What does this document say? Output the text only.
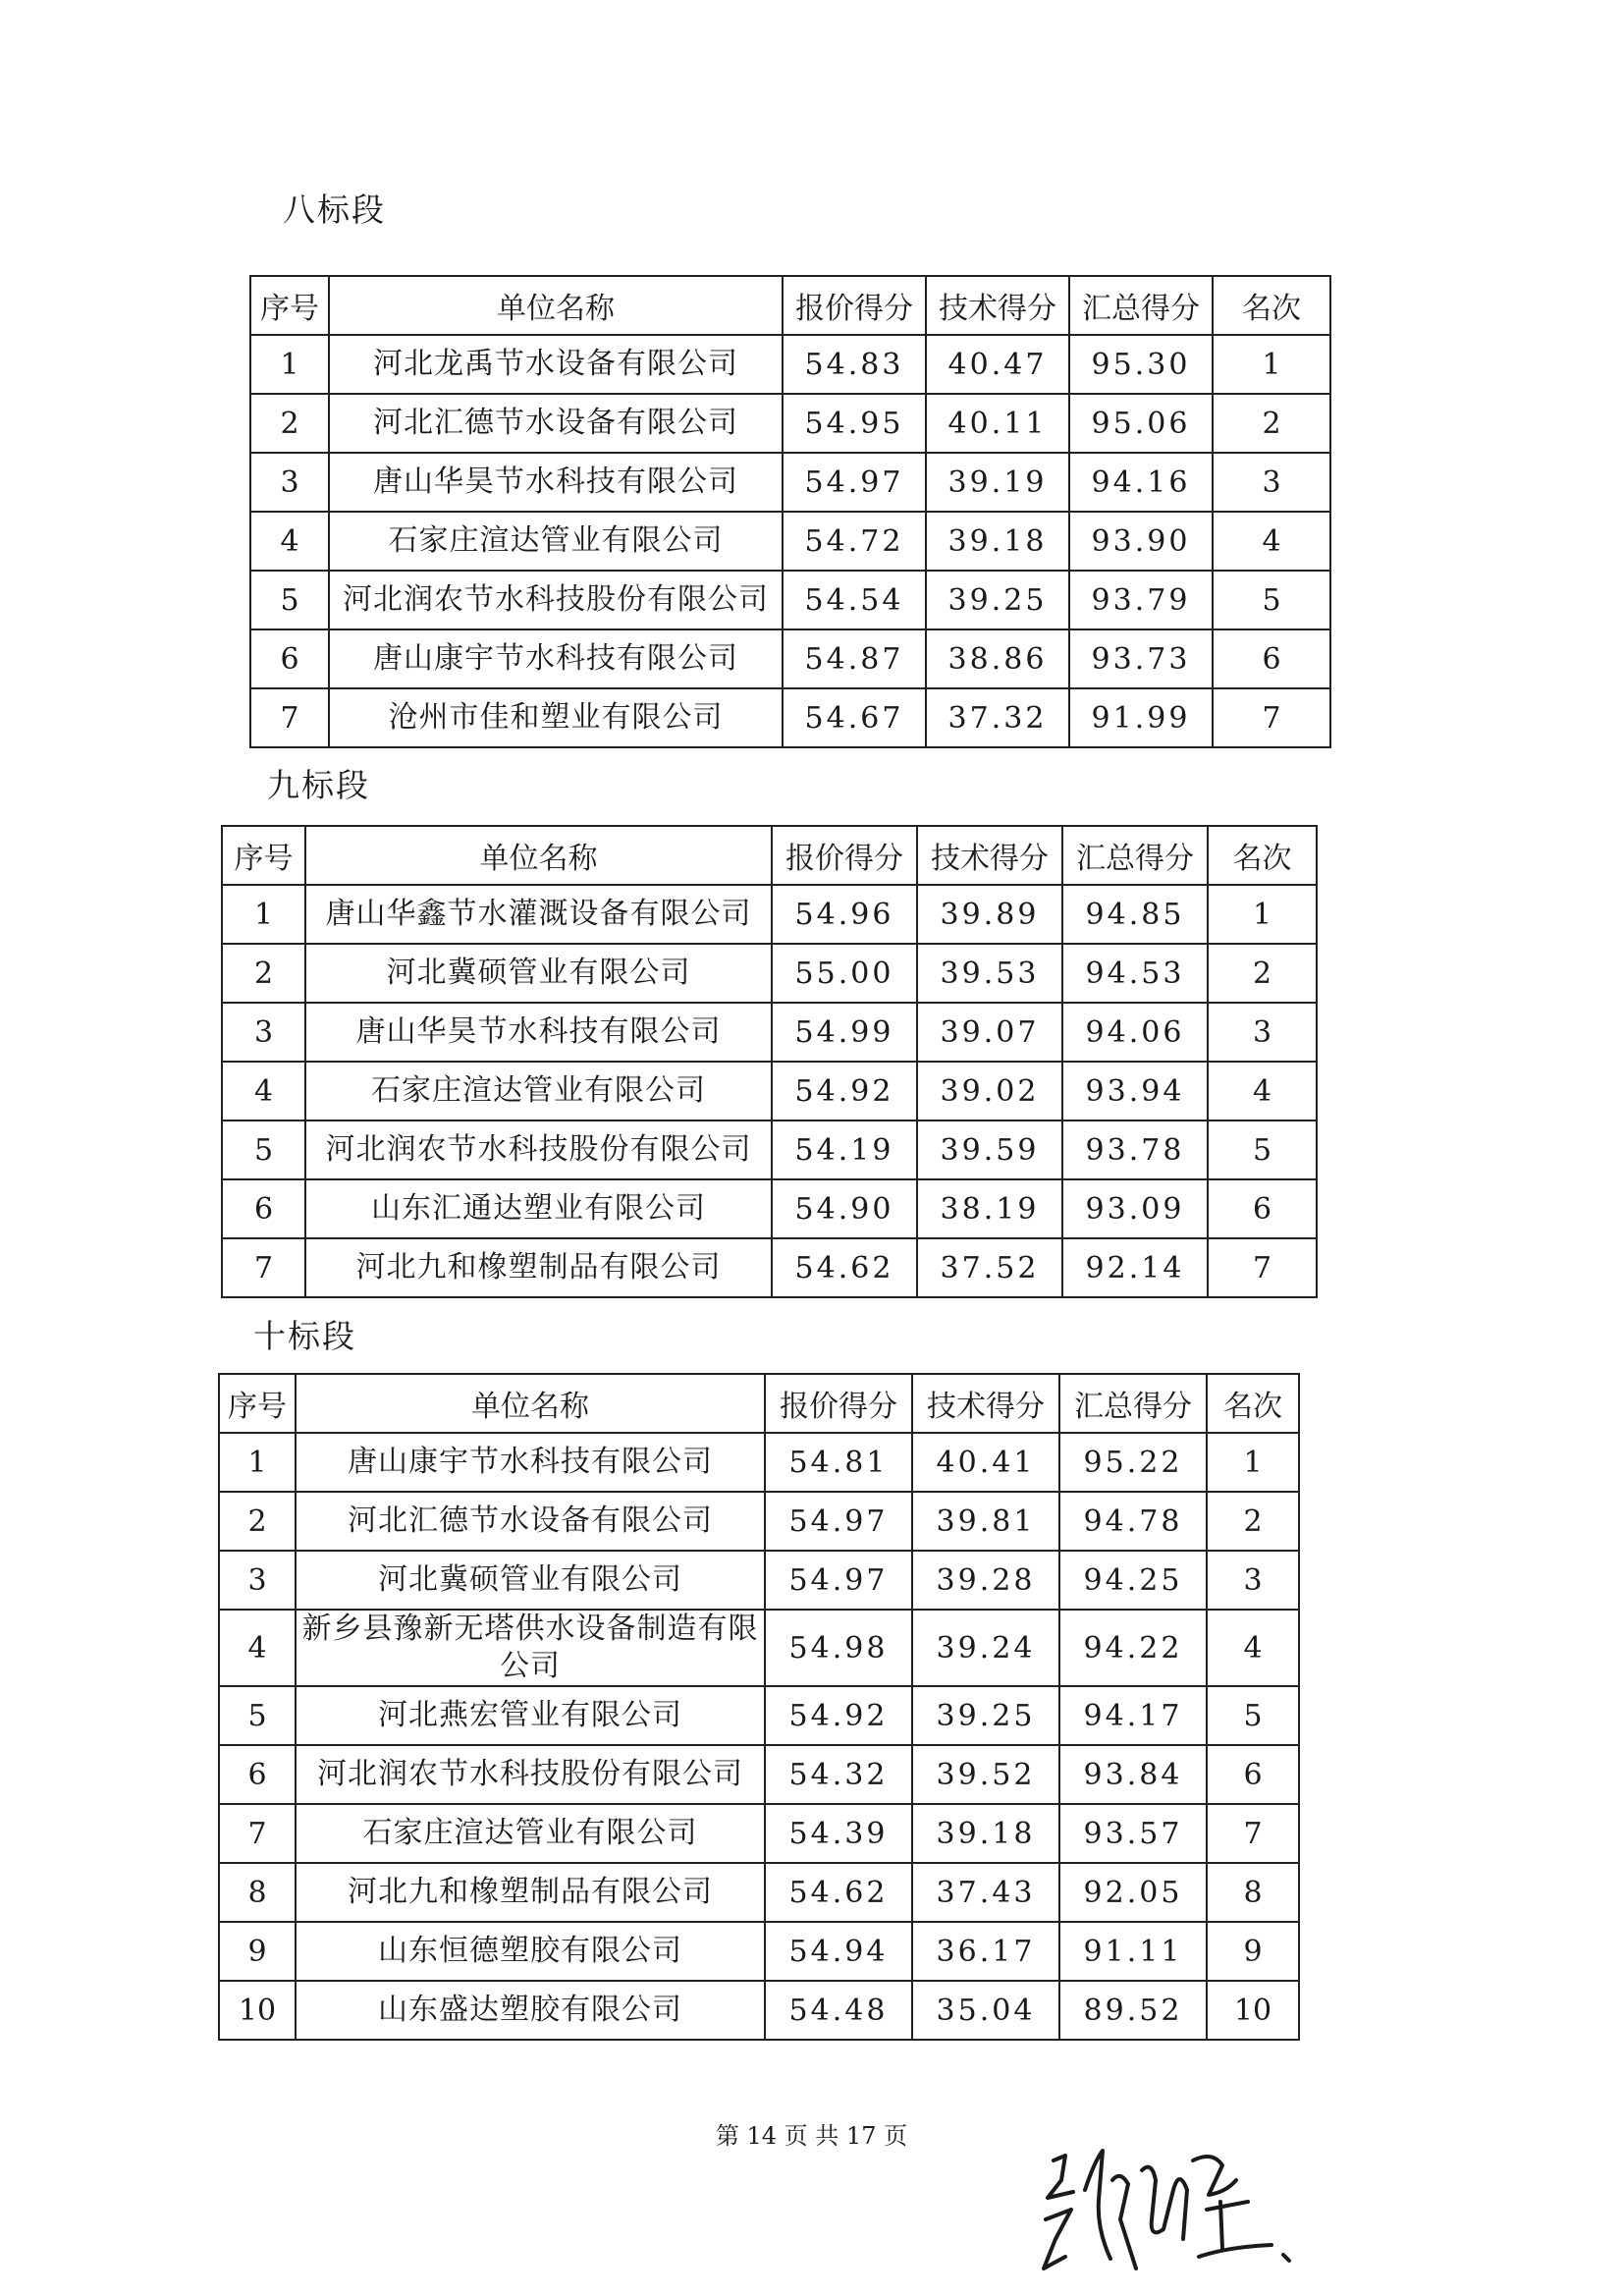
八标段
序号	单位名称	报价得分	技术得分	汇总得分	名次
1	河北龙禹节水设备有限公司	54.83	40.47	95.30	1
2	河北汇德节水设备有限公司	54.95	40.11	95.06	2
3	唐山华昊节水科技有限公司	54.97	39.19	94.16	3
4	石家庄渲达管业有限公司	54.72	39.18	93.90	4
5	河北润农节水科技股份有限公司	54.54	39.25	93.79	5
6	唐山康宇节水科技有限公司	54.87	38.86	93.73	6
7	沧州市佳和塑业有限公司	54.67	37.32	91.99	7
九标段
序号	单位名称	报价得分	技术得分	汇总得分	名次
1	唐山华鑫节水灌溉设备有限公司	54.96	39.89	94.85	1
2	河北冀硕管业有限公司	55.00	39.53	94.53	2
3	唐山华昊节水科技有限公司	54.99	39.07	94.06	3
4	石家庄渲达管业有限公司	54.92	39.02	93.94	4
5	河北润农节水科技股份有限公司	54.19	39.59	93.78	5
6	山东汇通达塑业有限公司	54.90	38.19	93.09	6
7	河北九和橡塑制品有限公司	54.62	37.52	92.14	7
十标段
序号	单位名称	报价得分	技术得分	汇总得分	名次
1	唐山康宇节水科技有限公司	54.81	40.41	95.22	1
2	河北汇德节水设备有限公司	54.97	39.81	94.78	2
3	河北冀硕管业有限公司	54.97	39.28	94.25	3
4	新乡县豫新无塔供水设备制造有限公司	54.98	39.24	94.22	4
5	河北燕宏管业有限公司	54.92	39.25	94.17	5
6	河北润农节水科技股份有限公司	54.32	39.52	93.84	6
7	石家庄渲达管业有限公司	54.39	39.18	93.57	7
8	河北九和橡塑制品有限公司	54.62	37.43	92.05	8
9	山东恒德塑胶有限公司	54.94	36.17	91.11	9
10	山东盛达塑胶有限公司	54.48	35.04	89.52	10
第 14 页 共 17 页
